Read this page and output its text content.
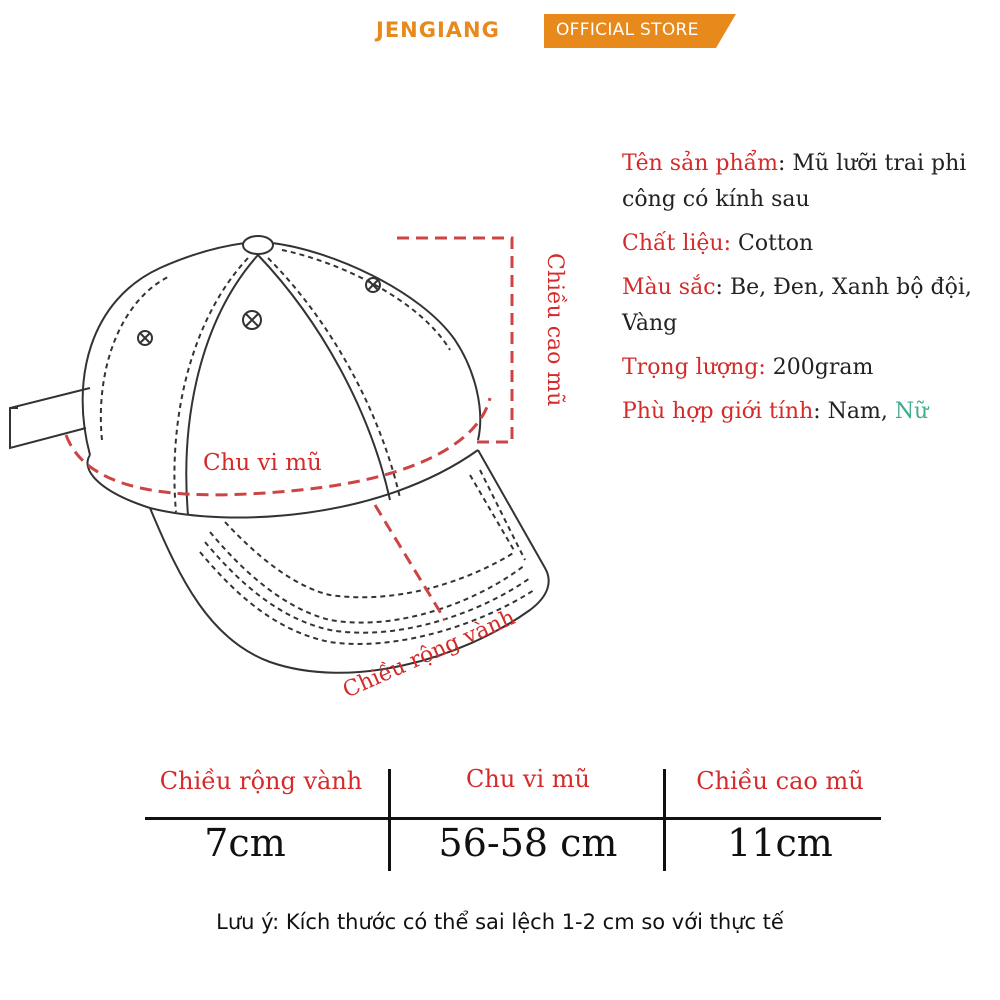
JENGIANG	OFFICIAL STORE
Chiều cao mũ
Chu vi mũ
Chiều rộng vành
Tên sản phẩm: Mũ lưỡi trai phi công có kính sau
Chất liệu: Cotton
Màu sắc: Be, Đen, Xanh bộ đội, Vàng
Trọng lượng: 200gram
Phù hợp giới tính: Nam, Nữ
Chiều rộng vành	Chu vi mũ	Chiều cao mũ
7cm	56-58 cm	11cm
Lưu ý: Kích thước có thể sai lệch 1-2 cm so với thực tế
